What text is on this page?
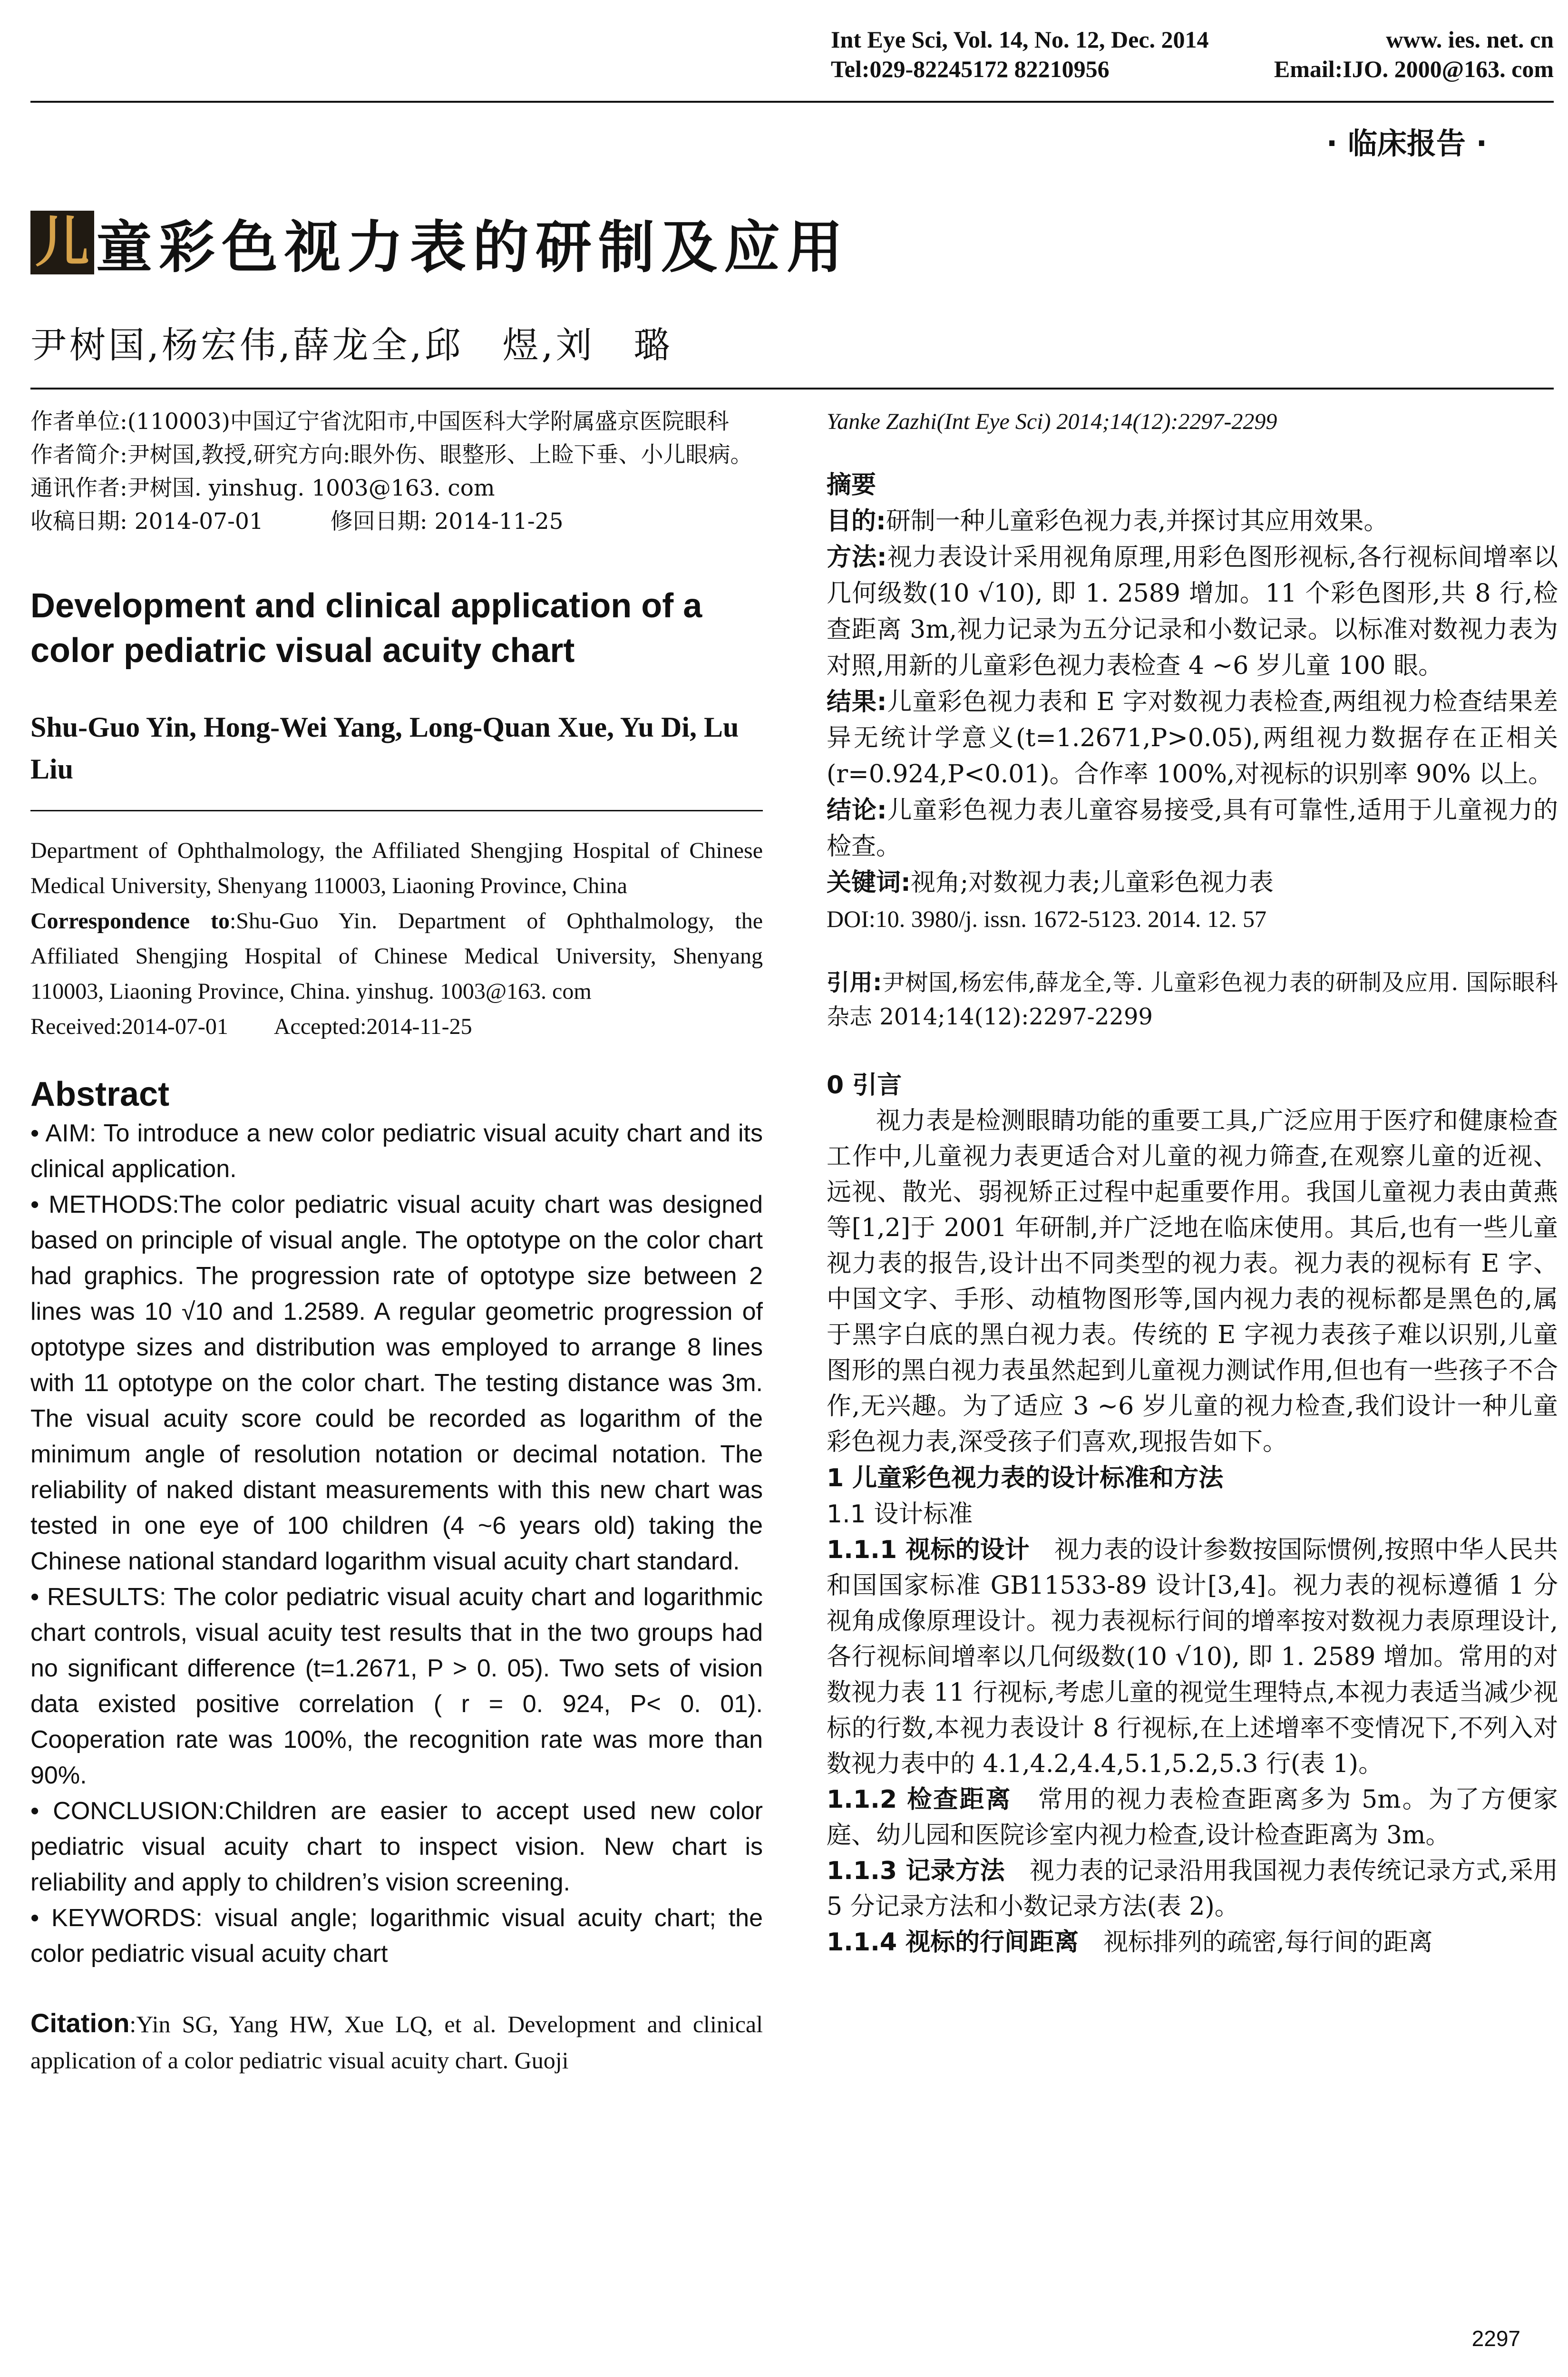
Int Eye Sci, Vol. 14, No. 12, Dec. 2014	www. ies. net. cn
Tel:029-82245172 82210956	Email:IJO. 2000@163. com
· 临床报告 ·
儿 童彩色视力表的研制及应用
尹树国,杨宏伟,薛龙全,邱　煜,刘　璐

作者单位:(110003)中国辽宁省沈阳市,中国医科大学附属盛京医院眼科

作者简介:尹树国,教授,研究方向:眼外伤、眼整形、上睑下垂、小儿眼病。

通讯作者:尹树国. yinshug. 1003@163. com

收稿日期: 2014-07-01　　　修回日期: 2014-11-25

Development and clinical application of a color pediatric visual acuity chart
Shu-Guo Yin, Hong-Wei Yang, Long-Quan Xue, Yu Di, Lu Liu

Department of Ophthalmology, the Affiliated Shengjing Hospital of Chinese Medical University, Shenyang 110003, Liaoning Province, China

Correspondence to:Shu-Guo Yin. Department of Ophthalmology, the Affiliated Shengjing Hospital of Chinese Medical University, Shenyang 110003, Liaoning Province, China. yinshug. 1003@163. com

Received:2014-07-01　　Accepted:2014-11-25

Abstract

• AIM: To introduce a new color pediatric visual acuity chart and its clinical application.

• METHODS:The color pediatric visual acuity chart was designed based on principle of visual angle. The optotype on the color chart had graphics. The progression rate of optotype size between 2 lines was 10 √10 and 1.2589. A regular geometric progression of optotype sizes and distribution was employed to arrange 8 lines with 11 optotype on the color chart. The testing distance was 3m. The visual acuity score could be recorded as logarithm of the minimum angle of resolution notation or decimal notation. The reliability of naked distant measurements with this new chart was tested in one eye of 100 children (4 ~6 years old) taking the Chinese national standard logarithm visual acuity chart standard.

• RESULTS: The color pediatric visual acuity chart and logarithmic chart controls, visual acuity test results that in the two groups had no significant difference (t=1.2671, P > 0. 05). Two sets of vision data existed positive correlation ( r = 0. 924, P< 0. 01). Cooperation rate was 100%, the recognition rate was more than 90%.

• CONCLUSION:Children are easier to accept used new color pediatric visual acuity chart to inspect vision. New chart is reliability and apply to children’s vision screening.

• KEYWORDS: visual angle; logarithmic visual acuity chart; the color pediatric visual acuity chart

Citation:Yin SG, Yang HW, Xue LQ, et al. Development and clinical application of a color pediatric visual acuity chart. Guoji

Yanke Zazhi(Int Eye Sci) 2014;14(12):2297-2299

摘要

目的:研制一种儿童彩色视力表,并探讨其应用效果。

方法:视力表设计采用视角原理,用彩色图形视标,各行视标间增率以几何级数(10 √10), 即 1. 2589 增加。11 个彩色图形,共 8 行,检查距离 3m,视力记录为五分记录和小数记录。以标准对数视力表为对照,用新的儿童彩色视力表检查 4 ~6 岁儿童 100 眼。

结果:儿童彩色视力表和 E 字对数视力表检查,两组视力检查结果差异无统计学意义(t=1.2671,P>0.05),两组视力数据存在正相关(r=0.924,P<0.01)。合作率 100%,对视标的识别率 90% 以上。

结论:儿童彩色视力表儿童容易接受,具有可靠性,适用于儿童视力的检查。

关键词:视角;对数视力表;儿童彩色视力表

DOI:10. 3980/j. issn. 1672-5123. 2014. 12. 57

引用:尹树国,杨宏伟,薛龙全,等. 儿童彩色视力表的研制及应用. 国际眼科杂志 2014;14(12):2297-2299

0 引言

视力表是检测眼睛功能的重要工具,广泛应用于医疗和健康检查工作中,儿童视力表更适合对儿童的视力筛查,在观察儿童的近视、远视、散光、弱视矫正过程中起重要作用。我国儿童视力表由黄燕等[1,2]于 2001 年研制,并广泛地在临床使用。其后,也有一些儿童视力表的报告,设计出不同类型的视力表。视力表的视标有 E 字、中国文字、手形、动植物图形等,国内视力表的视标都是黑色的,属于黑字白底的黑白视力表。传统的 E 字视力表孩子难以识别,儿童图形的黑白视力表虽然起到儿童视力测试作用,但也有一些孩子不合作,无兴趣。为了适应 3 ~6 岁儿童的视力检查,我们设计一种儿童彩色视力表,深受孩子们喜欢,现报告如下。

1 儿童彩色视力表的设计标准和方法

1.1 设计标准

1.1.1 视标的设计　视力表的设计参数按国际惯例,按照中华人民共和国国家标准 GB11533-89 设计[3,4]。视力表的视标遵循 1 分视角成像原理设计。视力表视标行间的增率按对数视力表原理设计,各行视标间增率以几何级数(10 √10), 即 1. 2589 增加。常用的对数视力表 11 行视标,考虑儿童的视觉生理特点,本视力表适当减少视标的行数,本视力表设计 8 行视标,在上述增率不变情况下,不列入对数视力表中的 4.1,4.2,4.4,5.1,5.2,5.3 行(表 1)。

1.1.2 检查距离　常用的视力表检查距离多为 5m。为了方便家庭、幼儿园和医院诊室内视力检查,设计检查距离为 3m。

1.1.3 记录方法　视力表的记录沿用我国视力表传统记录方式,采用 5 分记录方法和小数记录方法(表 2)。

1.1.4 视标的行间距离　视标排列的疏密,每行间的距离

2297
